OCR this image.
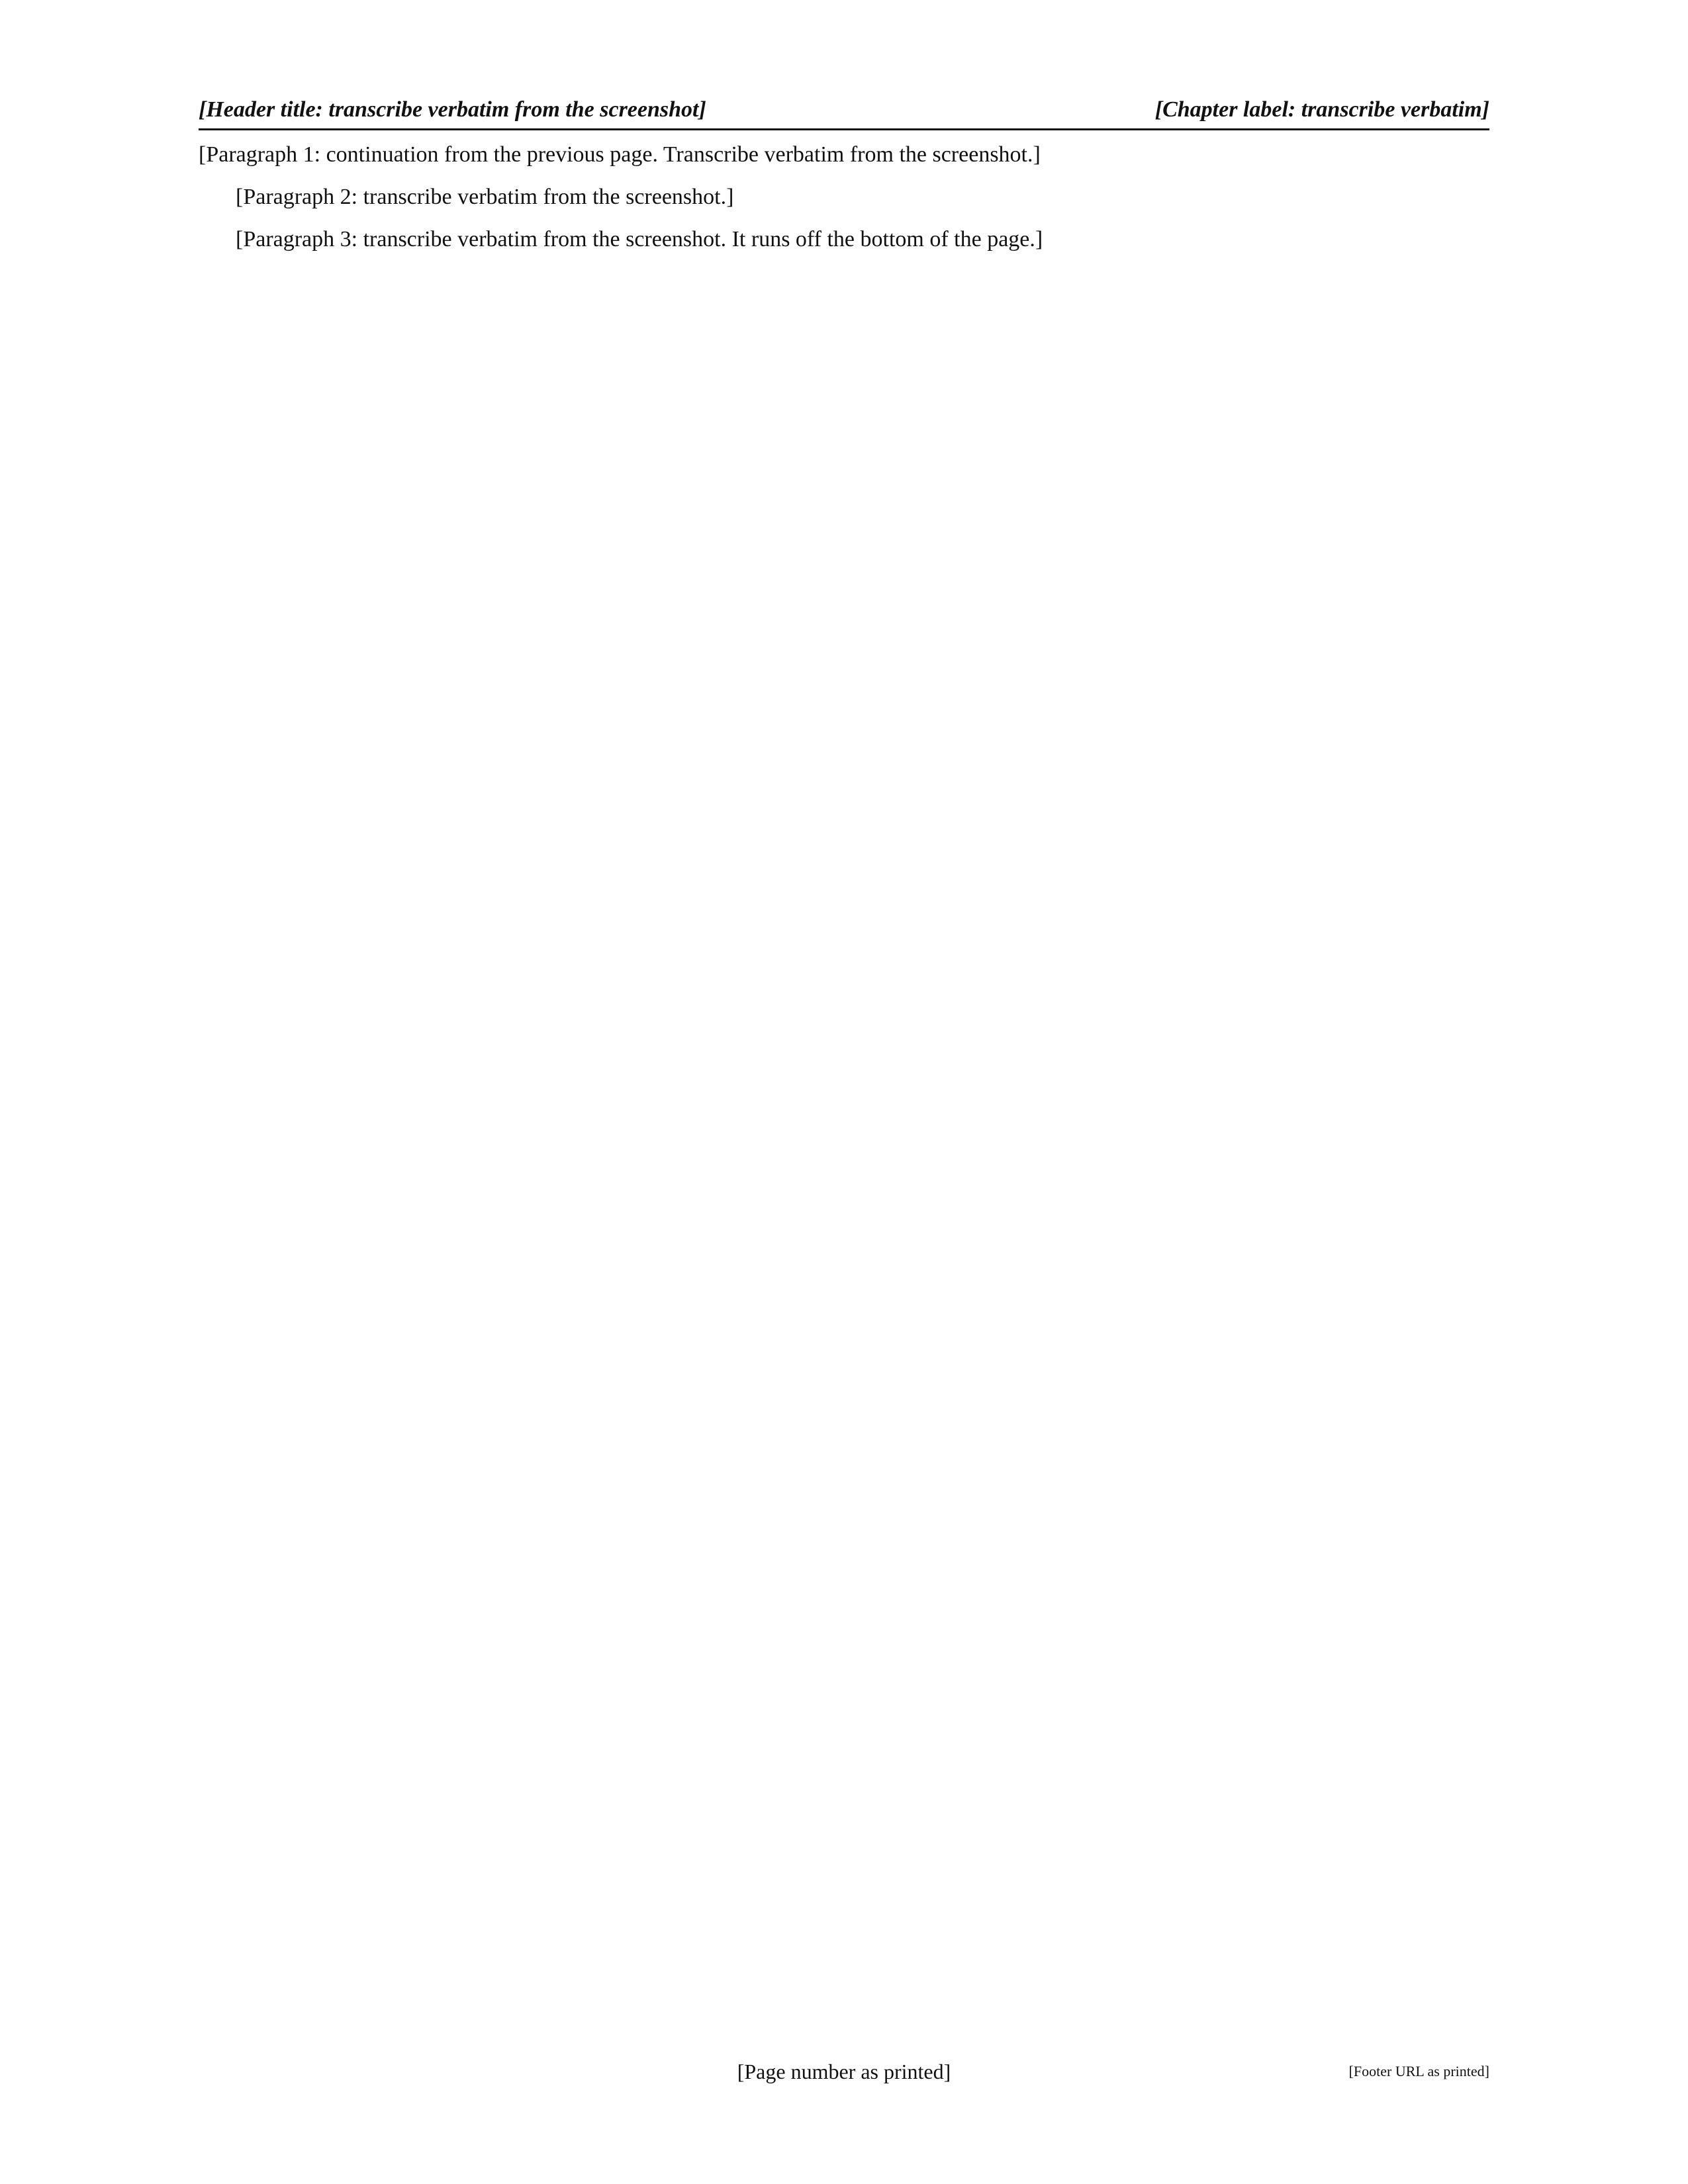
[Header title: transcribe verbatim from the screenshot]	[Chapter label: transcribe verbatim]

[Paragraph 1: continuation from the previous page. Transcribe verbatim from the screenshot.]

[Paragraph 2: transcribe verbatim from the screenshot.]

[Paragraph 3: transcribe verbatim from the screenshot. It runs off the bottom of the page.]

[Page number as printed]	[Footer URL as printed]
